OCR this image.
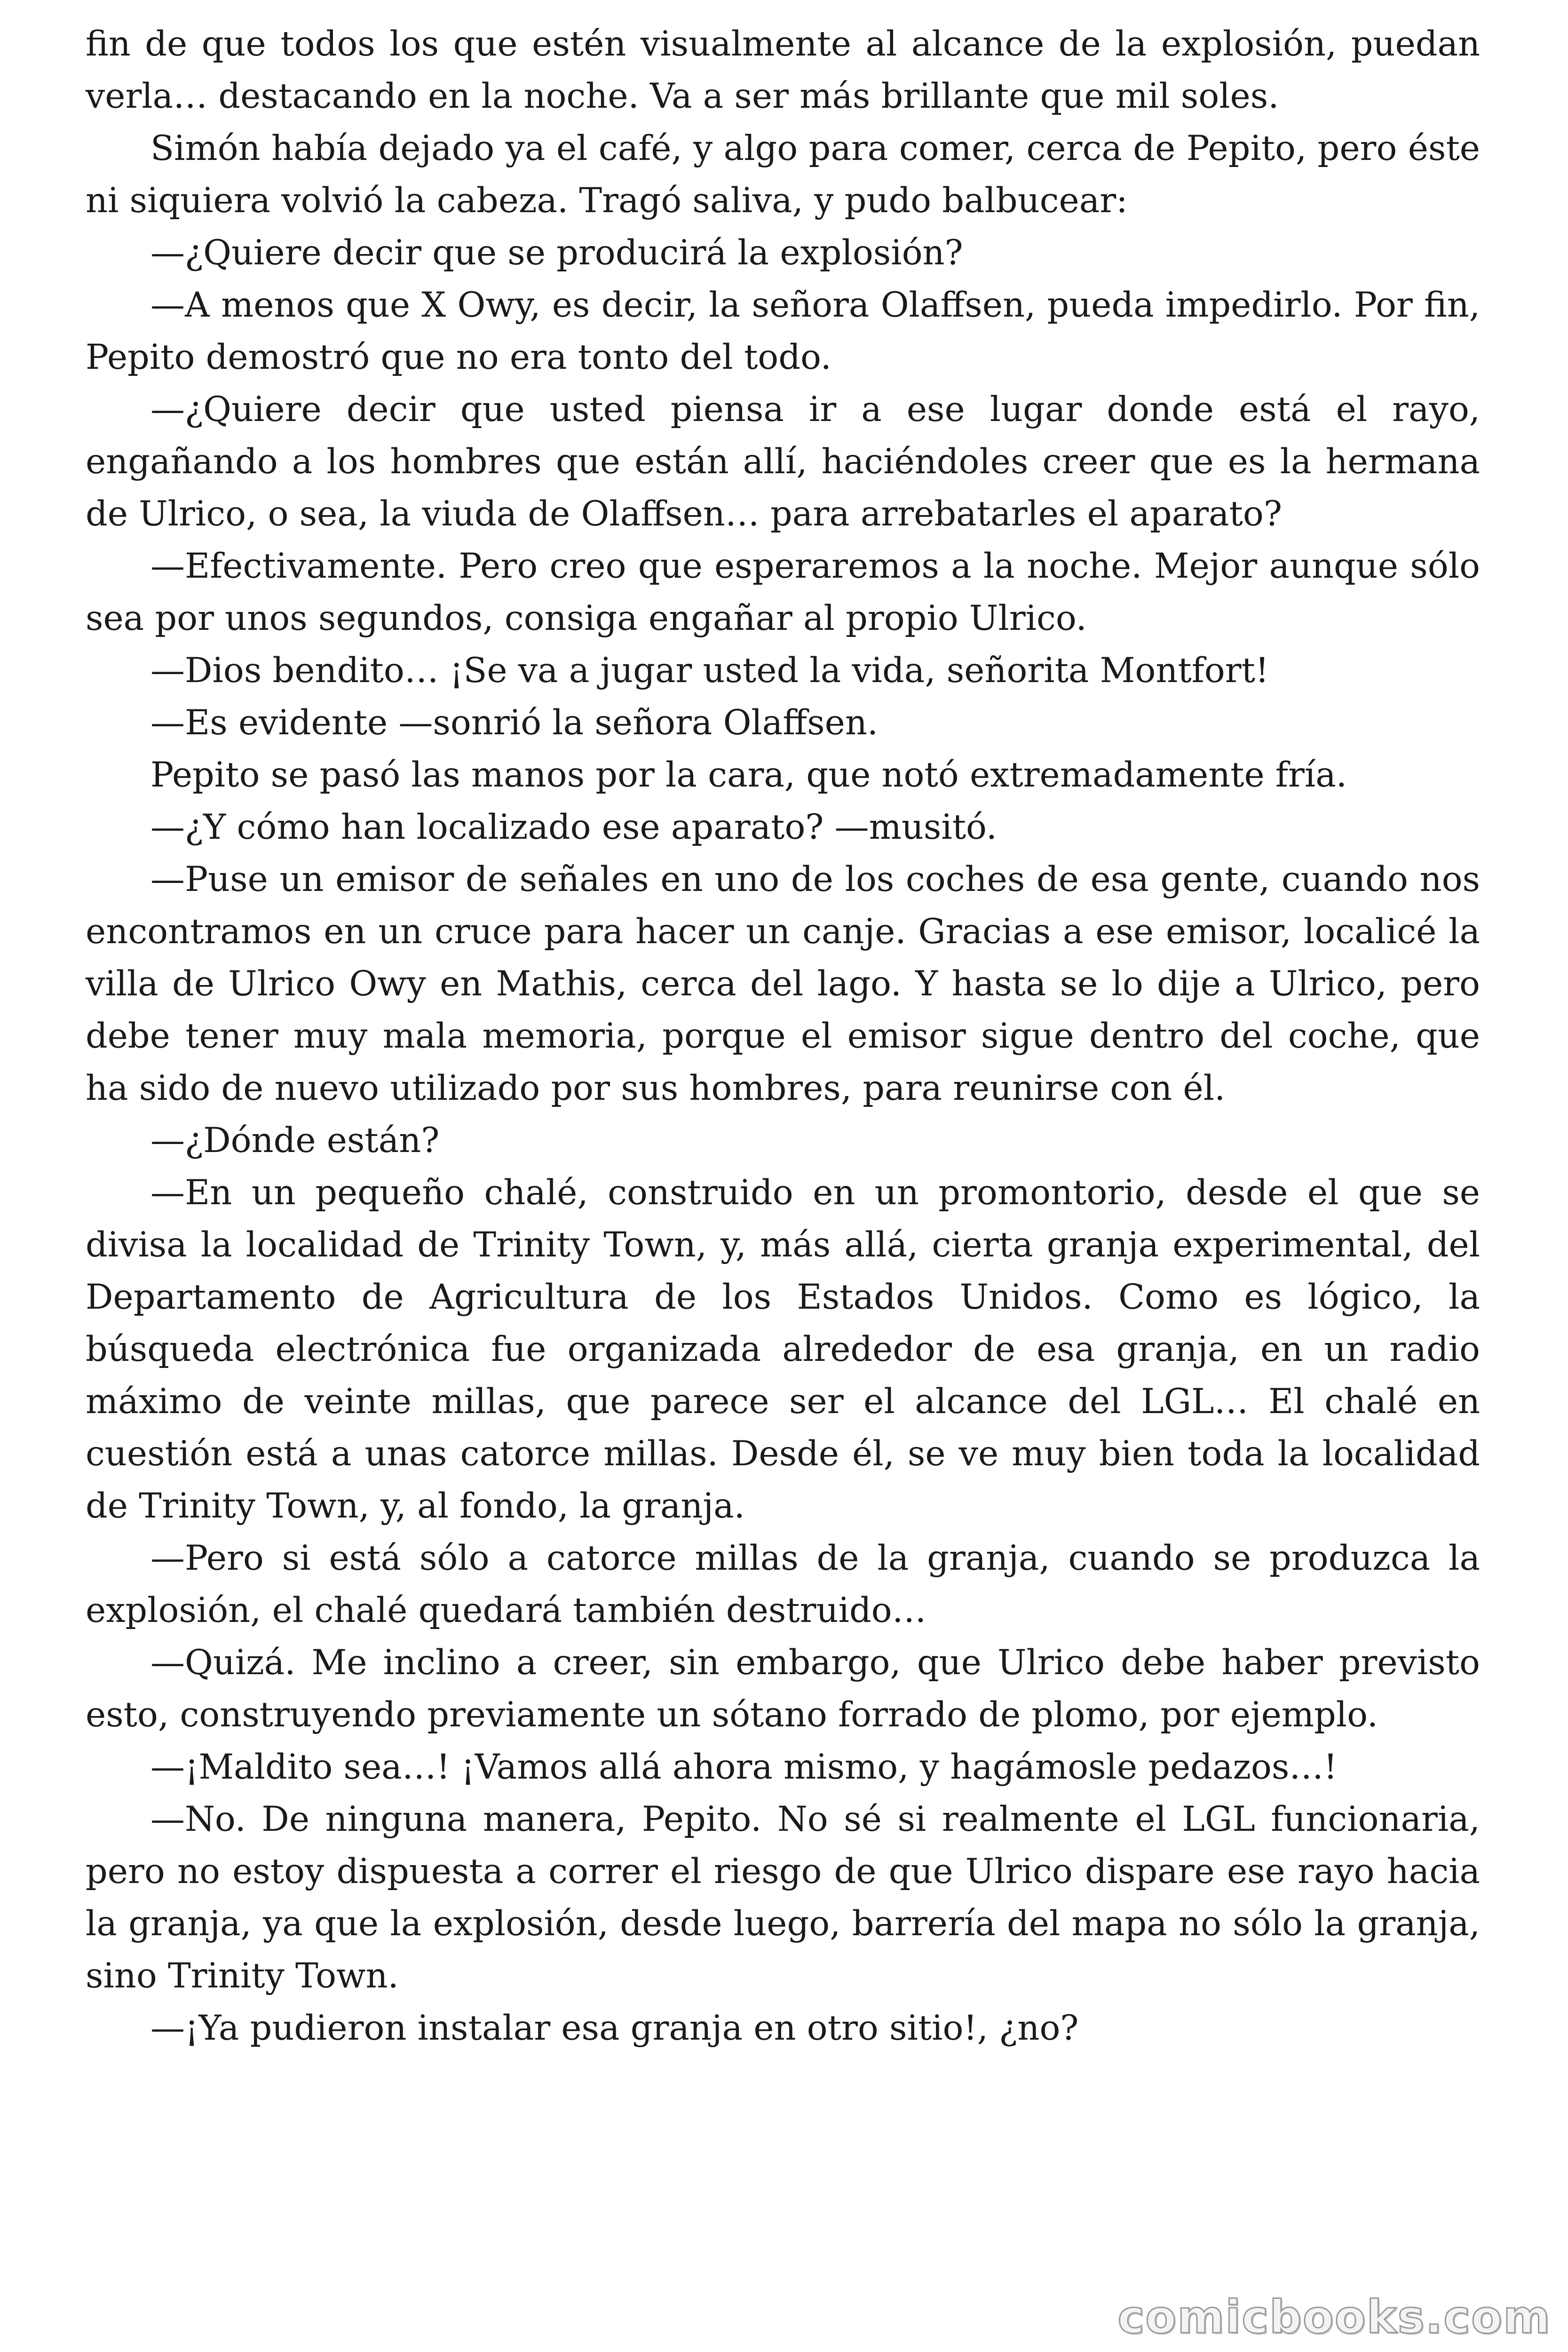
fin de que todos los que estén visualmente al alcance de la explosión, puedan verla… destacando en la noche. Va a ser más brillante que mil soles.

Simón había dejado ya el café, y algo para comer, cerca de Pepito, pero éste ni siquiera volvió la cabeza. Tragó saliva, y pudo balbucear:

—¿Quiere decir que se producirá la explosión?

—A menos que X Owy, es decir, la señora Olaffsen, pueda impedirlo. Por fin, Pepito demostró que no era tonto del todo.

—¿Quiere decir que usted piensa ir a ese lugar donde está el rayo, engañando a los hombres que están allí, haciéndoles creer que es la hermana de Ulrico, o sea, la viuda de Olaffsen… para arrebatarles el aparato?

—Efectivamente. Pero creo que esperaremos a la noche. Mejor aunque sólo sea por unos segundos, consiga engañar al propio Ulrico.

—Dios bendito… ¡Se va a jugar usted la vida, señorita Montfort!

—Es evidente —sonrió la señora Olaffsen.

Pepito se pasó las manos por la cara, que notó extremadamente fría.

—¿Y cómo han localizado ese aparato? —musitó.

—Puse un emisor de señales en uno de los coches de esa gente, cuando nos encontramos en un cruce para hacer un canje. Gracias a ese emisor, localicé la villa de Ulrico Owy en Mathis, cerca del lago. Y hasta se lo dije a Ulrico, pero debe tener muy mala memoria, porque el emisor sigue dentro del coche, que ha sido de nuevo utilizado por sus hombres, para reunirse con él.

—¿Dónde están?

—En un pequeño chalé, construido en un promontorio, desde el que se divisa la localidad de Trinity Town, y, más allá, cierta granja experimental, del Departamento de Agricultura de los Estados Unidos. Como es lógico, la búsqueda electrónica fue organizada alrededor de esa granja, en un radio máximo de veinte millas, que parece ser el alcance del LGL… El chalé en cuestión está a unas catorce millas. Desde él, se ve muy bien toda la localidad de Trinity Town, y, al fondo, la granja.

—Pero si está sólo a catorce millas de la granja, cuando se produzca la explosión, el chalé quedará también destruido…

—Quizá. Me inclino a creer, sin embargo, que Ulrico debe haber previsto esto, construyendo previamente un sótano forrado de plomo, por ejemplo.

—¡Maldito sea…! ¡Vamos allá ahora mismo, y hagámosle pedazos…!

—No. De ninguna manera, Pepito. No sé si realmente el LGL funcionaria, pero no estoy dispuesta a correr el riesgo de que Ulrico dispare ese rayo hacia la granja, ya que la explosión, desde luego, barrería del mapa no sólo la granja, sino Trinity Town.

—¡Ya pudieron instalar esa granja en otro sitio!, ¿no?

comicbooks.com
